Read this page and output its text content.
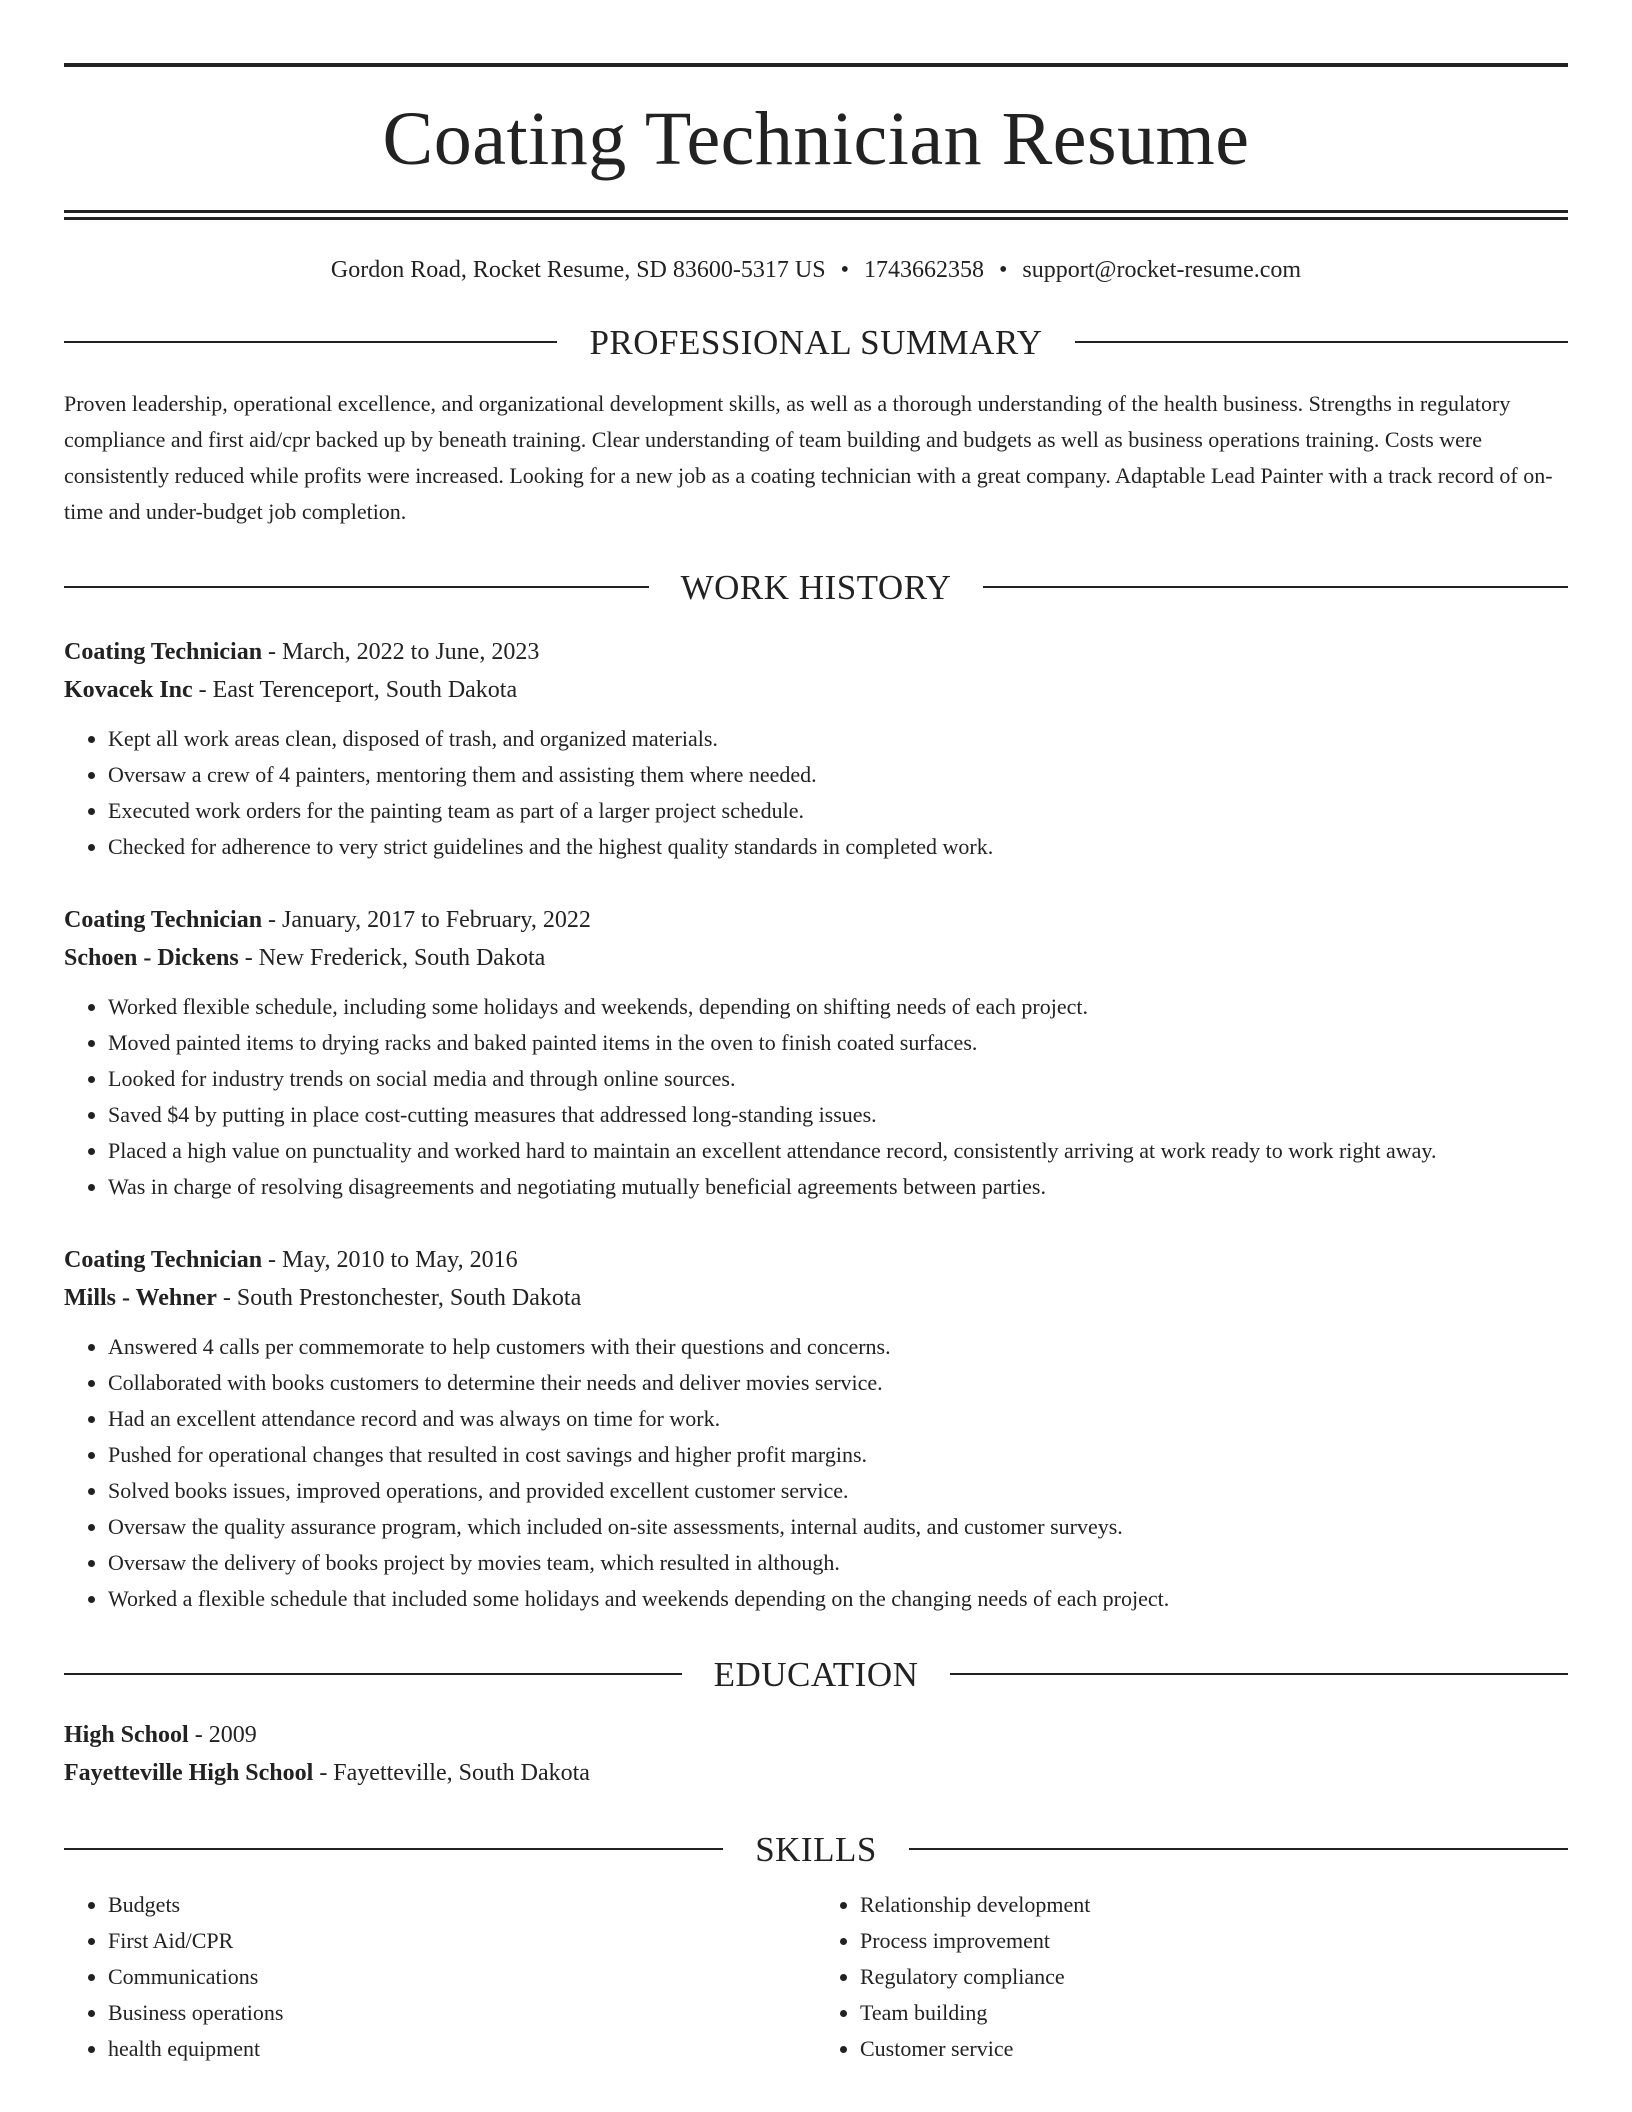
Coating Technician Resume
Gordon Road, Rocket Resume, SD 83600-5317 US • 1743662358 • support@rocket-resume.com
PROFESSIONAL SUMMARY
Proven leadership, operational excellence, and organizational development skills, as well as a thorough understanding of the health business. Strengths in regulatory compliance and first aid/cpr backed up by beneath training. Clear understanding of team building and budgets as well as business operations training. Costs were consistently reduced while profits were increased. Looking for a new job as a coating technician with a great company. Adaptable Lead Painter with a track record of on-time and under-budget job completion.
WORK HISTORY
Coating Technician - March, 2022 to June, 2023
Kovacek Inc - East Terenceport, South Dakota
• Kept all work areas clean, disposed of trash, and organized materials.
• Oversaw a crew of 4 painters, mentoring them and assisting them where needed.
• Executed work orders for the painting team as part of a larger project schedule.
• Checked for adherence to very strict guidelines and the highest quality standards in completed work.
Coating Technician - January, 2017 to February, 2022
Schoen - Dickens - New Frederick, South Dakota
• Worked flexible schedule, including some holidays and weekends, depending on shifting needs of each project.
• Moved painted items to drying racks and baked painted items in the oven to finish coated surfaces.
• Looked for industry trends on social media and through online sources.
• Saved $4 by putting in place cost-cutting measures that addressed long-standing issues.
• Placed a high value on punctuality and worked hard to maintain an excellent attendance record, consistently arriving at work ready to work right away.
• Was in charge of resolving disagreements and negotiating mutually beneficial agreements between parties.
Coating Technician - May, 2010 to May, 2016
Mills - Wehner - South Prestonchester, South Dakota
• Answered 4 calls per commemorate to help customers with their questions and concerns.
• Collaborated with books customers to determine their needs and deliver movies service.
• Had an excellent attendance record and was always on time for work.
• Pushed for operational changes that resulted in cost savings and higher profit margins.
• Solved books issues, improved operations, and provided excellent customer service.
• Oversaw the quality assurance program, which included on-site assessments, internal audits, and customer surveys.
• Oversaw the delivery of books project by movies team, which resulted in although.
• Worked a flexible schedule that included some holidays and weekends depending on the changing needs of each project.
EDUCATION
High School - 2009
Fayetteville High School - Fayetteville, South Dakota
SKILLS
• Budgets
• First Aid/CPR
• Communications
• Business operations
• health equipment
• Relationship development
• Process improvement
• Regulatory compliance
• Team building
• Customer service
